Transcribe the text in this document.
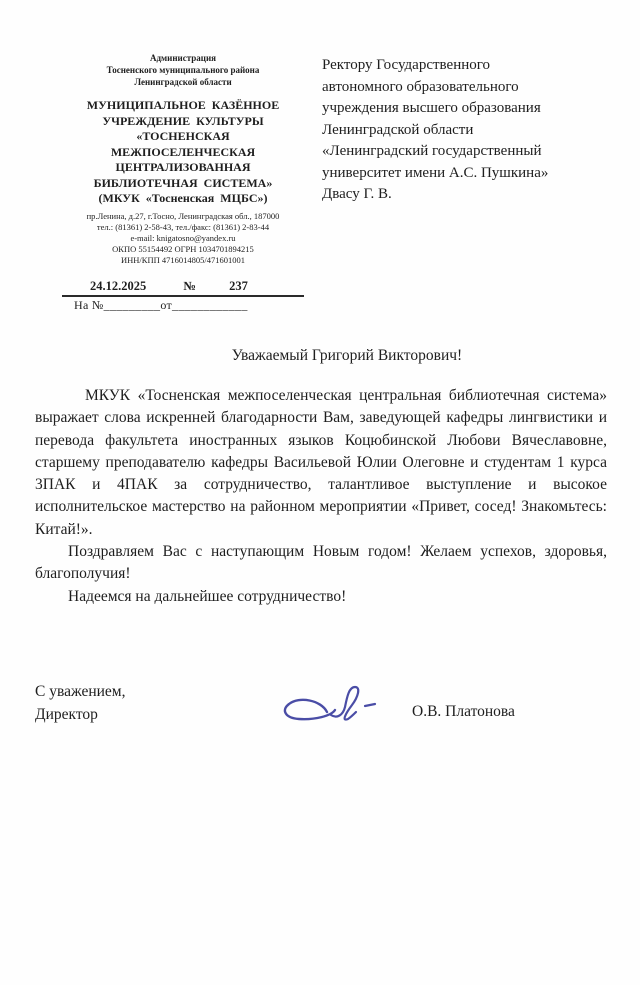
Администрация
Тосненского муниципального района
Ленинградской области
МУНИЦИПАЛЬНОЕ КАЗЁННОЕ
УЧРЕЖДЕНИЕ КУЛЬТУРЫ
«ТОСНЕНСКАЯ
МЕЖПОСЕЛЕНЧЕСКАЯ
ЦЕНТРАЛИЗОВАННАЯ
БИБЛИОТЕЧНАЯ СИСТЕМА»
(МКУК «Тосненская МЦБС»)
пр.Ленина, д.27, г.Тосно, Ленинградская обл., 187000
тел.: (81361) 2-58-43, тел./факс: (81361) 2-83-44
e-mail: knigatosno@yandex.ru
ОКПО 55154492 ОГРН 1034701894215
ИНН/КПП 4716014805/471601001
24.12.2025	№	237
На №_________от____________
Ректору Государственного
автономного образовательного
учреждения высшего образования
Ленинградской области
«Ленинградский государственный
университет имени А.С. Пушкина»
Двасу Г. В.
Уважаемый Григорий Викторович!

МКУК «Тосненская межпоселенческая центральная библиотечная система» выражает слова искренней благодарности Вам, заведующей кафедры лингвистики и перевода факультета иностранных языков Коцюбинской Любови Вячеславовне, старшему преподавателю кафедры Васильевой Юлии Олеговне и студентам 1 курса 3ПАК и 4ПАК за сотрудничество, талантливое выступление и высокое исполнительское мастерство на районном мероприятии «Привет, сосед! Знакомьтесь: Китай!».

Поздравляем Вас с наступающим Новым годом! Желаем успехов, здоровья, благополучия!

Надеемся на дальнейшее сотрудничество!

С уважением,
Директор	О.В. Платонова
